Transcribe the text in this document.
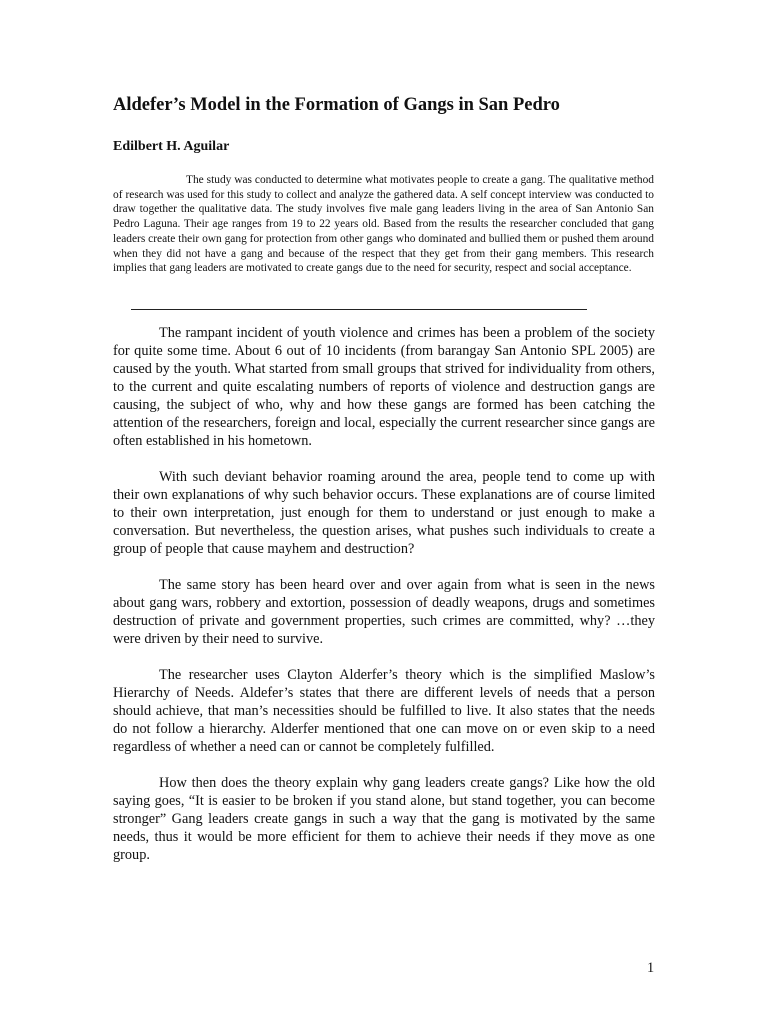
Aldefer’s Model in the Formation of Gangs in San Pedro
Edilbert H. Aguilar

The study was conducted to determine what motivates people to create a gang. The qualitative method of research was used for this study to collect and analyze the gathered data. A self concept interview was conducted to draw together the qualitative data. The study involves five male gang leaders living in the area of San Antonio San Pedro Laguna. Their age ranges from 19 to 22 years old. Based from the results the researcher concluded that gang leaders create their own gang for protection from other gangs who dominated and bullied them or pushed them around when they did not have a gang and because of the respect that they get from their gang members. This research implies that gang leaders are motivated to create gangs due to the need for security, respect and social acceptance.

The rampant incident of youth violence and crimes has been a problem of the society for quite some time. About 6 out of 10 incidents (from barangay San Antonio SPL 2005) are caused by the youth. What started from small groups that strived for individuality from others, to the current and quite escalating numbers of reports of violence and destruction gangs are causing, the subject of who, why and how these gangs are formed has been catching the attention of the researchers, foreign and local, especially the current researcher since gangs are often established in his hometown.

With such deviant behavior roaming around the area, people tend to come up with their own explanations of why such behavior occurs. These explanations are of course limited to their own interpretation, just enough for them to understand or just enough to make a conversation. But nevertheless, the question arises, what pushes such individuals to create a group of people that cause mayhem and destruction?

The same story has been heard over and over again from what is seen in the news about gang wars, robbery and extortion, possession of deadly weapons, drugs and sometimes destruction of private and government properties, such crimes are committed, why? …they were driven by their need to survive.

The researcher uses Clayton Alderfer’s theory which is the simplified Maslow’s Hierarchy of Needs. Aldefer’s states that there are different levels of needs that a person should achieve, that man’s necessities should be fulfilled to live. It also states that the needs do not follow a hierarchy. Alderfer mentioned that one can move on or even skip to a need regardless of whether a need can or cannot be completely fulfilled.

How then does the theory explain why gang leaders create gangs? Like how the old saying goes, “It is easier to be broken if you stand alone, but stand together, you can become stronger” Gang leaders create gangs in such a way that the gang is motivated by the same needs, thus it would be more efficient for them to achieve their needs if they move as one group.

1
